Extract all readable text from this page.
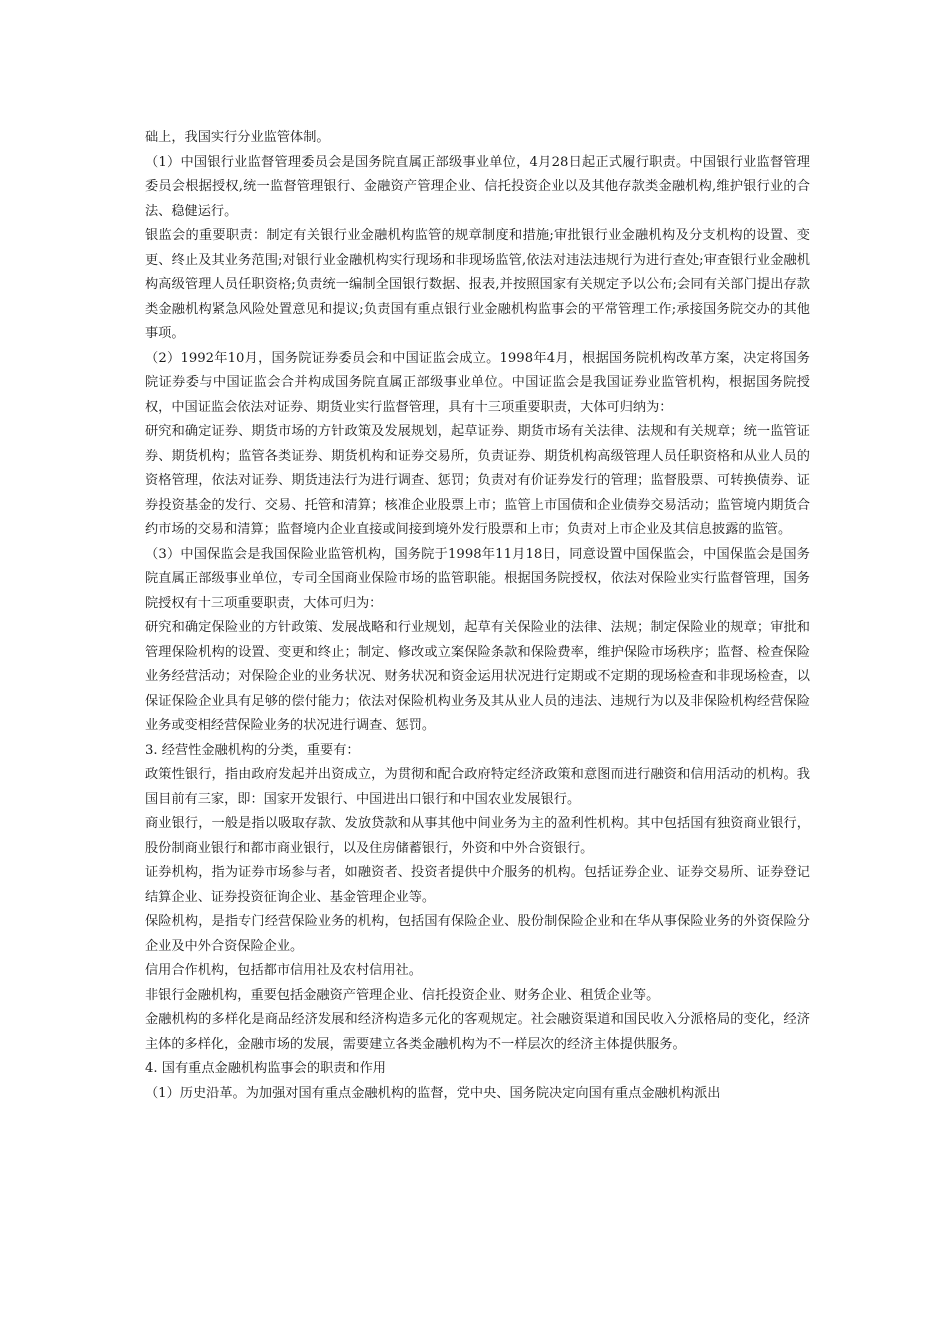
础上，我国实行分业监管体制。

（1）中国银行业监督管理委员会是国务院直属正部级事业单位，4月28日起正式履行职责。中国银行业监督管理委员会根据授权,统一监督管理银行、金融资产管理企业、信托投资企业以及其他存款类金融机构,维护银行业的合法、稳健运行。

银监会的重要职责：制定有关银行业金融机构监管的规章制度和措施;审批银行业金融机构及分支机构的设置、变更、终止及其业务范围;对银行业金融机构实行现场和非现场监管,依法对违法违规行为进行查处;审查银行业金融机构高级管理人员任职资格;负责统一编制全国银行数据、报表,并按照国家有关规定予以公布;会同有关部门提出存款类金融机构紧急风险处置意见和提议;负责国有重点银行业金融机构监事会的平常管理工作;承接国务院交办的其他事项。

（2）1992年10月，国务院证券委员会和中国证监会成立。1998年4月，根据国务院机构改革方案，决定将国务院证券委与中国证监会合并构成国务院直属正部级事业单位。中国证监会是我国证券业监管机构，根据国务院授权，中国证监会依法对证券、期货业实行监督管理，具有十三项重要职责，大体可归纳为：

研究和确定证券、期货市场的方针政策及发展规划，起草证券、期货市场有关法律、法规和有关规章；统一监管证券、期货机构；监管各类证券、期货机构和证券交易所，负责证券、期货机构高级管理人员任职资格和从业人员的资格管理，依法对证券、期货违法行为进行调查、惩罚；负责对有价证券发行的管理；监督股票、可转换债券、证券投资基金的发行、交易、托管和清算；核准企业股票上市；监管上市国债和企业债券交易活动；监管境内期货合约市场的交易和清算；监督境内企业直接或间接到境外发行股票和上市；负责对上市企业及其信息披露的监管。

（3）中国保监会是我国保险业监管机构，国务院于1998年11月18日，同意设置中国保监会，中国保监会是国务院直属正部级事业单位，专司全国商业保险市场的监管职能。根据国务院授权，依法对保险业实行监督管理，国务院授权有十三项重要职责，大体可归为：

研究和确定保险业的方针政策、发展战略和行业规划，起草有关保险业的法律、法规；制定保险业的规章；审批和管理保险机构的设置、变更和终止；制定、修改或立案保险条款和保险费率，维护保险市场秩序；监督、检查保险业务经营活动；对保险企业的业务状况、财务状况和资金运用状况进行定期或不定期的现场检查和非现场检查，以保证保险企业具有足够的偿付能力；依法对保险机构业务及其从业人员的违法、违规行为以及非保险机构经营保险业务或变相经营保险业务的状况进行调查、惩罚。

3. 经营性金融机构的分类，重要有：

政策性银行，指由政府发起并出资成立，为贯彻和配合政府特定经济政策和意图而进行融资和信用活动的机构。我国目前有三家，即：国家开发银行、中国进出口银行和中国农业发展银行。

商业银行，一般是指以吸取存款、发放贷款和从事其他中间业务为主的盈利性机构。其中包括国有独资商业银行，股份制商业银行和都市商业银行，以及住房储蓄银行，外资和中外合资银行。

证券机构，指为证券市场参与者，如融资者、投资者提供中介服务的机构。包括证券企业、证券交易所、证券登记结算企业、证券投资征询企业、基金管理企业等。

保险机构，是指专门经营保险业务的机构，包括国有保险企业、股份制保险企业和在华从事保险业务的外资保险分企业及中外合资保险企业。

信用合作机构，包括都市信用社及农村信用社。

非银行金融机构，重要包括金融资产管理企业、信托投资企业、财务企业、租赁企业等。

金融机构的多样化是商品经济发展和经济构造多元化的客观规定。社会融资渠道和国民收入分派格局的变化，经济主体的多样化，金融市场的发展，需要建立各类金融机构为不一样层次的经济主体提供服务。

4. 国有重点金融机构监事会的职责和作用

（1）历史沿革。为加强对国有重点金融机构的监督，党中央、国务院决定向国有重点金融机构派出
